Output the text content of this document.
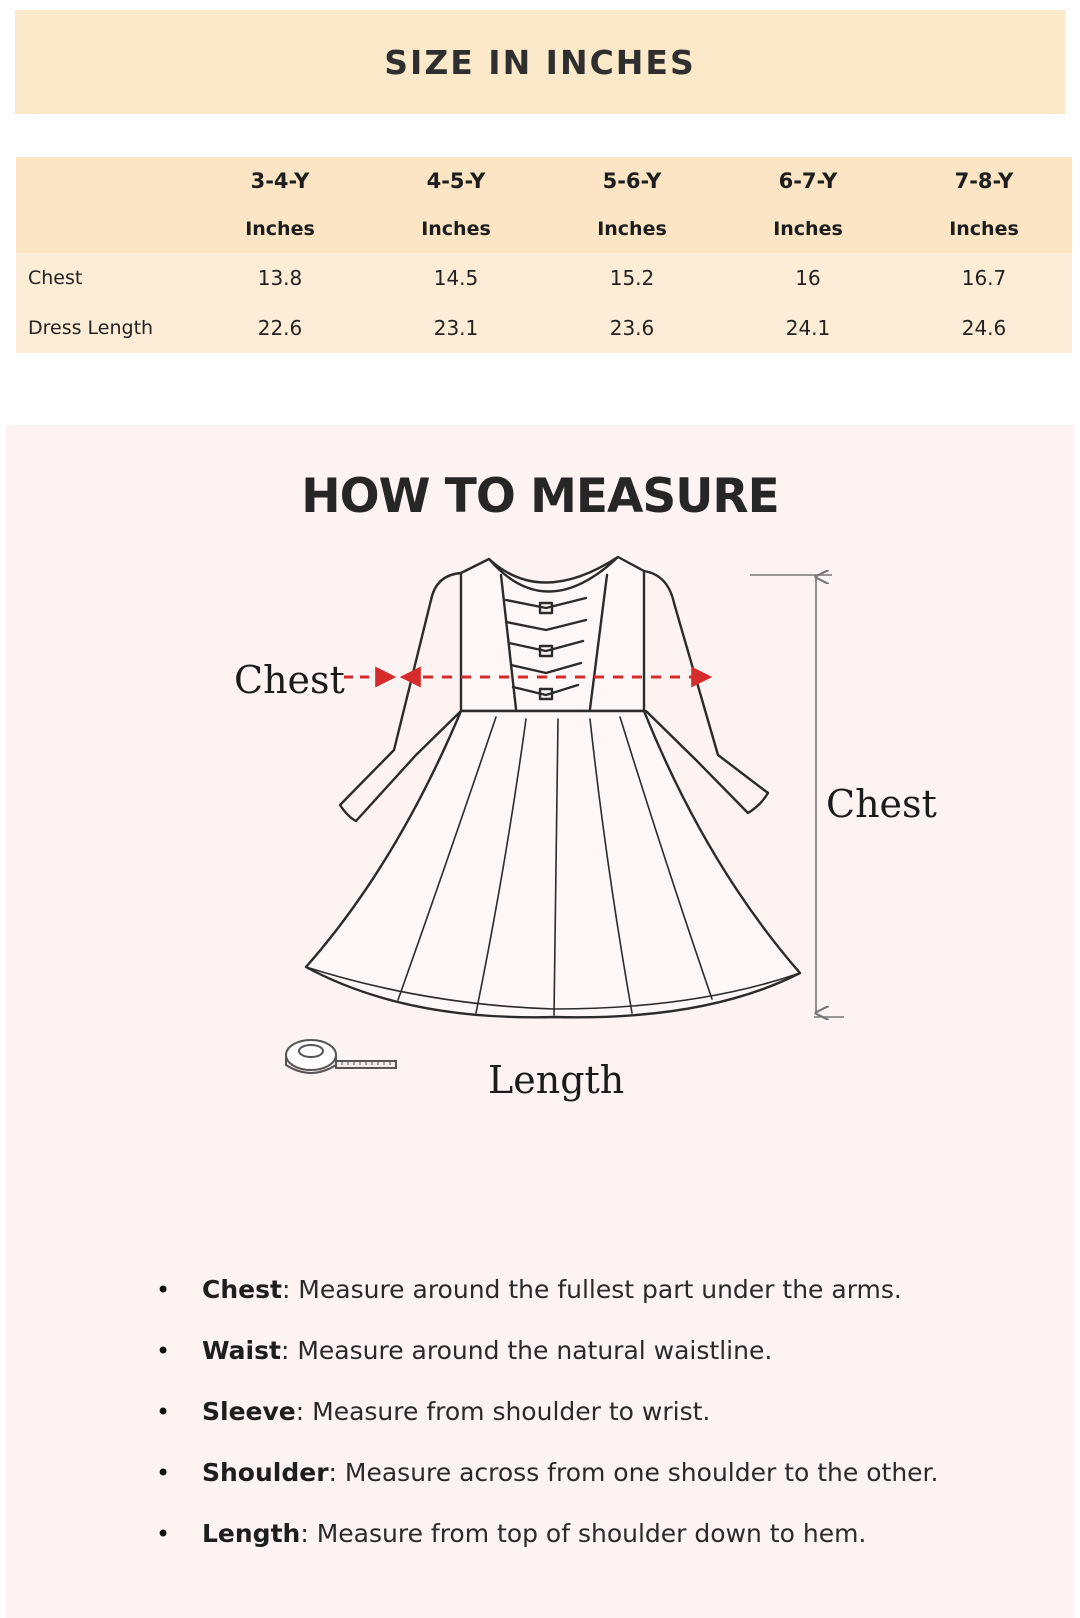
SIZE IN INCHES
	3-4-Y	4-5-Y	5-6-Y	6-7-Y	7-8-Y
	Inches	Inches	Inches	Inches	Inches
Chest	13.8	14.5	15.2	16	16.7
Dress Length	22.6	23.1	23.6	24.1	24.6
HOW TO MEASURE
Chest
Chest
Length
• Chest: Measure around the fullest part under the arms.
• Waist: Measure around the natural waistline.
• Sleeve: Measure from shoulder to wrist.
• Shoulder: Measure across from one shoulder to the other.
• Length: Measure from top of shoulder down to hem.
